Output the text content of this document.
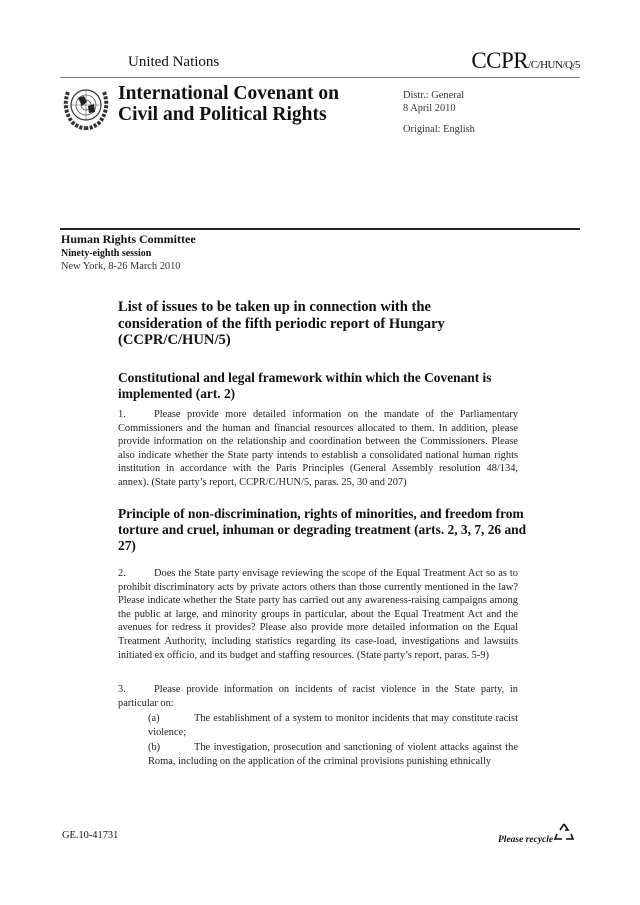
United Nations	CCPR/C/HUN/Q/5
International Covenant on
Civil and Political Rights
Distr.: General
8 April 2010
Original: English
Human Rights Committee
Ninety-eighth session
New York, 8-26 March 2010
List of issues to be taken up in connection with the consideration of the fifth periodic report of Hungary (CCPR/C/HUN/5)
Constitutional and legal framework within which the Covenant is implemented (art. 2)
1.	Please provide more detailed information on the mandate of the Parliamentary Commissioners and the human and financial resources allocated to them. In addition, please provide information on the relationship and coordination between the Commissioners. Please also indicate whether the State party intends to establish a consolidated national human rights institution in accordance with the Paris Principles (General Assembly resolution 48/134, annex). (State party’s report, CCPR/C/HUN/5, paras. 25, 30 and 207)
Principle of non-discrimination, rights of minorities, and freedom from torture and cruel, inhuman or degrading treatment (arts. 2, 3, 7, 26 and 27)
2.	Does the State party envisage reviewing the scope of the Equal Treatment Act so as to prohibit discriminatory acts by private actors others than those currently mentioned in the law? Please indicate whether the State party has carried out any awareness-raising campaigns among the public at large, and minority groups in particular, about the Equal Treatment Act and the avenues for redress it provides? Please also provide more detailed information on the Equal Treatment Authority, including statistics regarding its case-load, investigations and lawsuits initiated ex officio, and its budget and staffing resources. (State party’s report, paras. 5-9)
3.	Please provide information on incidents of racist violence in the State party, in particular on:
(a)	The establishment of a system to monitor incidents that may constitute racist violence;
(b)	The investigation, prosecution and sanctioning of violent attacks against the Roma, including on the application of the criminal provisions punishing ethnically
GE.10-41731	Please recycle
